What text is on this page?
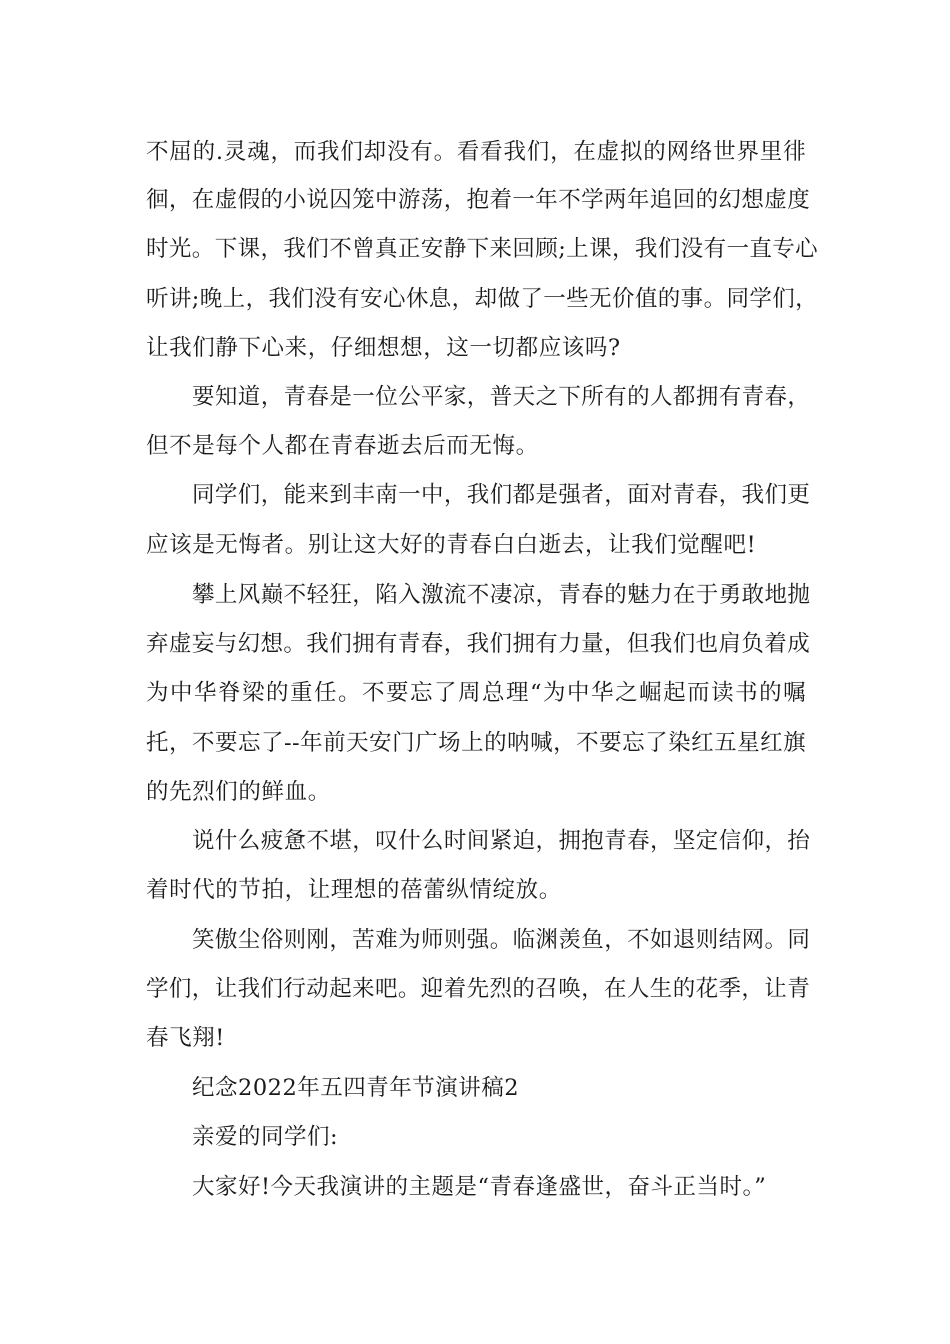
不屈的.灵魂，而我们却没有。看看我们，在虚拟的网络世界里徘
徊，在虚假的小说囚笼中游荡，抱着一年不学两年追回的幻想虚度
时光。下课，我们不曾真正安静下来回顾;上课，我们没有一直专心
听讲;晚上，我们没有安心休息，却做了一些无价值的事。同学们，
让我们静下心来，仔细想想，这一切都应该吗?
要知道，青春是一位公平家，普天之下所有的人都拥有青春，
但不是每个人都在青春逝去后而无悔。
同学们，能来到丰南一中，我们都是强者，面对青春，我们更
应该是无悔者。别让这大好的青春白白逝去，让我们觉醒吧!
攀上风巅不轻狂，陷入激流不凄凉，青春的魅力在于勇敢地抛
弃虚妄与幻想。我们拥有青春，我们拥有力量，但我们也肩负着成
为中华脊梁的重任。不要忘了周总理“为中华之崛起而读书的嘱
托，不要忘了--年前天安门广场上的呐喊，不要忘了染红五星红旗
的先烈们的鲜血。
说什么疲惫不堪，叹什么时间紧迫，拥抱青春，坚定信仰，抬
着时代的节拍，让理想的蓓蕾纵情绽放。
笑傲尘俗则刚，苦难为师则强。临渊羡鱼，不如退则结网。同
学们，让我们行动起来吧。迎着先烈的召唤，在人生的花季，让青
春飞翔!
纪念2022年五四青年节演讲稿2
亲爱的同学们:
大家好!今天我演讲的主题是“青春逢盛世，奋斗正当时。”
